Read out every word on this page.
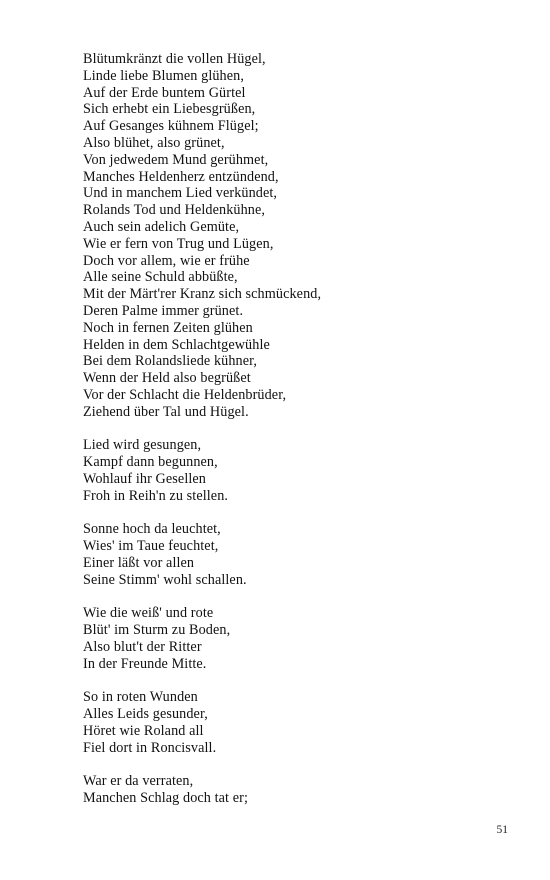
Blütumkränzt die vollen Hügel,
Linde liebe Blumen glühen,
Auf der Erde buntem Gürtel
Sich erhebt ein Liebesgrüßen,
Auf Gesanges kühnem Flügel;
Also blühet, also grünet,
Von jedwedem Mund gerühmet,
Manches Heldenherz entzündend,
Und in manchem Lied verkündet,
Rolands Tod und Heldenkühne,
Auch sein adelich Gemüte,
Wie er fern von Trug und Lügen,
Doch vor allem, wie er frühe
Alle seine Schuld abbüßte,
Mit der Märt'rer Kranz sich schmückend,
Deren Palme immer grünet.
Noch in fernen Zeiten glühen
Helden in dem Schlachtgewühle
Bei dem Rolandsliede kühner,
Wenn der Held also begrüßet
Vor der Schlacht die Heldenbrüder,
Ziehend über Tal und Hügel.
Lied wird gesungen,
Kampf dann begunnen,
Wohlauf ihr Gesellen
Froh in Reih'n zu stellen.
Sonne hoch da leuchtet,
Wies' im Taue feuchtet,
Einer läßt vor allen
Seine Stimm' wohl schallen.
Wie die weiß' und rote
Blüt' im Sturm zu Boden,
Also blut't der Ritter
In der Freunde Mitte.
So in roten Wunden
Alles Leids gesunder,
Höret wie Roland all
Fiel dort in Roncisvall.
War er da verraten,
Manchen Schlag doch tat er;
51
